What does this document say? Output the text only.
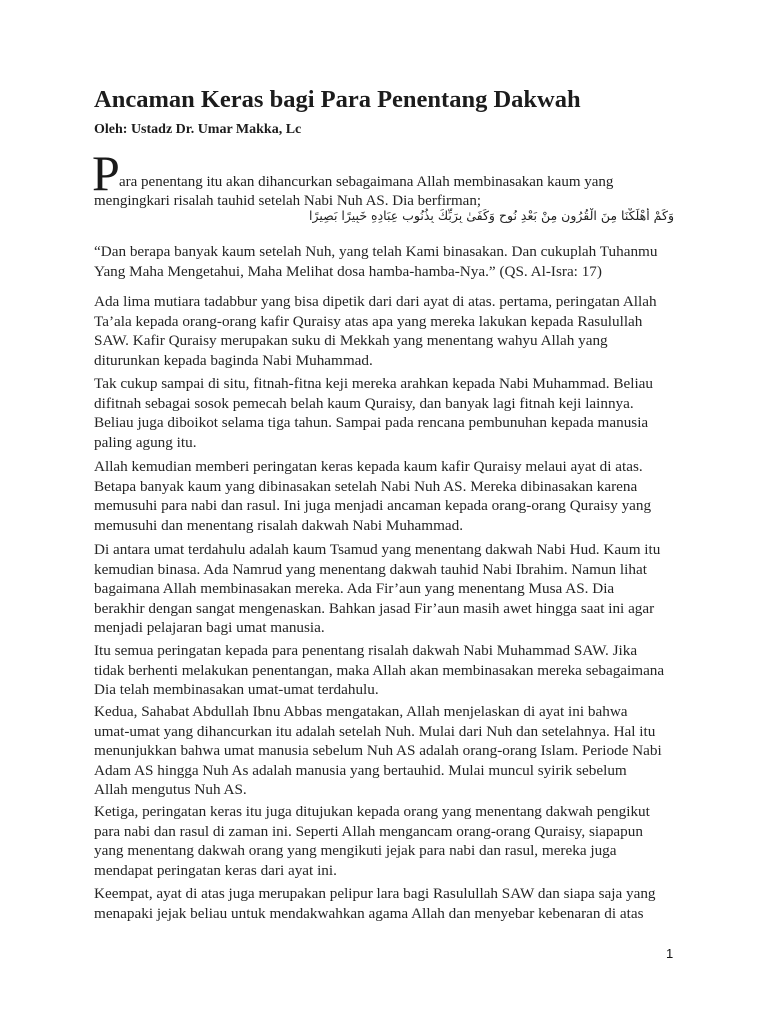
Ancaman Keras bagi Para Penentang Dakwah
Oleh: Ustadz Dr. Umar Makka, Lc
P ara penentang itu akan dihancurkan sebagaimana Allah membinasakan kaum yang
mengingkari risalah tauhid setelah Nabi Nuh AS. Dia berfirman;
وَكَمْ أَهْلَكْنَا مِنَ الْقُرُونِ مِنْ بَعْدِ نُوحٍ وَكَفَىٰ بِرَبِّكَ بِذُنُوبِ عِبَادِهِ خَبِيرًا بَصِيرًا
“Dan berapa banyak kaum setelah Nuh, yang telah Kami binasakan. Dan cukuplah Tuhanmu
Yang Maha Mengetahui, Maha Melihat dosa hamba-hamba-Nya.” (QS. Al-Isra: 17)
Ada lima mutiara tadabbur yang bisa dipetik dari dari ayat di atas. pertama, peringatan Allah
Ta’ala kepada orang-orang kafir Quraisy atas apa yang mereka lakukan kepada Rasulullah
SAW. Kafir Quraisy merupakan suku di Mekkah yang menentang wahyu Allah yang
diturunkan kepada baginda Nabi Muhammad.
Tak cukup sampai di situ, fitnah-fitna keji mereka arahkan kepada Nabi Muhammad. Beliau
difitnah sebagai sosok pemecah belah kaum Quraisy, dan banyak lagi fitnah keji lainnya.
Beliau juga diboikot selama tiga tahun. Sampai pada rencana pembunuhan kepada manusia
paling agung itu.
Allah kemudian memberi peringatan keras kepada kaum kafir Quraisy melaui ayat di atas.
Betapa banyak kaum yang dibinasakan setelah Nabi Nuh AS. Mereka dibinasakan karena
memusuhi para nabi dan rasul. Ini juga menjadi ancaman kepada orang-orang Quraisy yang
memusuhi dan menentang risalah dakwah Nabi Muhammad.
Di antara umat terdahulu adalah kaum Tsamud yang menentang dakwah Nabi Hud. Kaum itu
kemudian binasa. Ada Namrud yang menentang dakwah tauhid Nabi Ibrahim. Namun lihat
bagaimana Allah membinasakan mereka. Ada Fir’aun yang menentang Musa AS. Dia
berakhir dengan sangat mengenaskan. Bahkan jasad Fir’aun masih awet hingga saat ini agar
menjadi pelajaran bagi umat manusia.
Itu semua peringatan kepada para penentang risalah dakwah Nabi Muhammad SAW. Jika
tidak berhenti melakukan penentangan, maka Allah akan membinasakan mereka sebagaimana
Dia telah membinasakan umat-umat terdahulu.
Kedua, Sahabat Abdullah Ibnu Abbas mengatakan, Allah menjelaskan di ayat ini bahwa
umat-umat yang dihancurkan itu adalah setelah Nuh. Mulai dari Nuh dan setelahnya. Hal itu
menunjukkan bahwa umat manusia sebelum Nuh AS adalah orang-orang Islam. Periode Nabi
Adam AS hingga Nuh As adalah manusia yang bertauhid. Mulai muncul syirik sebelum
Allah mengutus Nuh AS.
Ketiga, peringatan keras itu juga ditujukan kepada orang yang menentang dakwah pengikut
para nabi dan rasul di zaman ini. Seperti Allah mengancam orang-orang Quraisy, siapapun
yang menentang dakwah orang yang mengikuti jejak para nabi dan rasul, mereka juga
mendapat peringatan keras dari ayat ini.
Keempat, ayat di atas juga merupakan pelipur lara bagi Rasulullah SAW dan siapa saja yang
menapaki jejak beliau untuk mendakwahkan agama Allah dan menyebar kebenaran di atas
1
